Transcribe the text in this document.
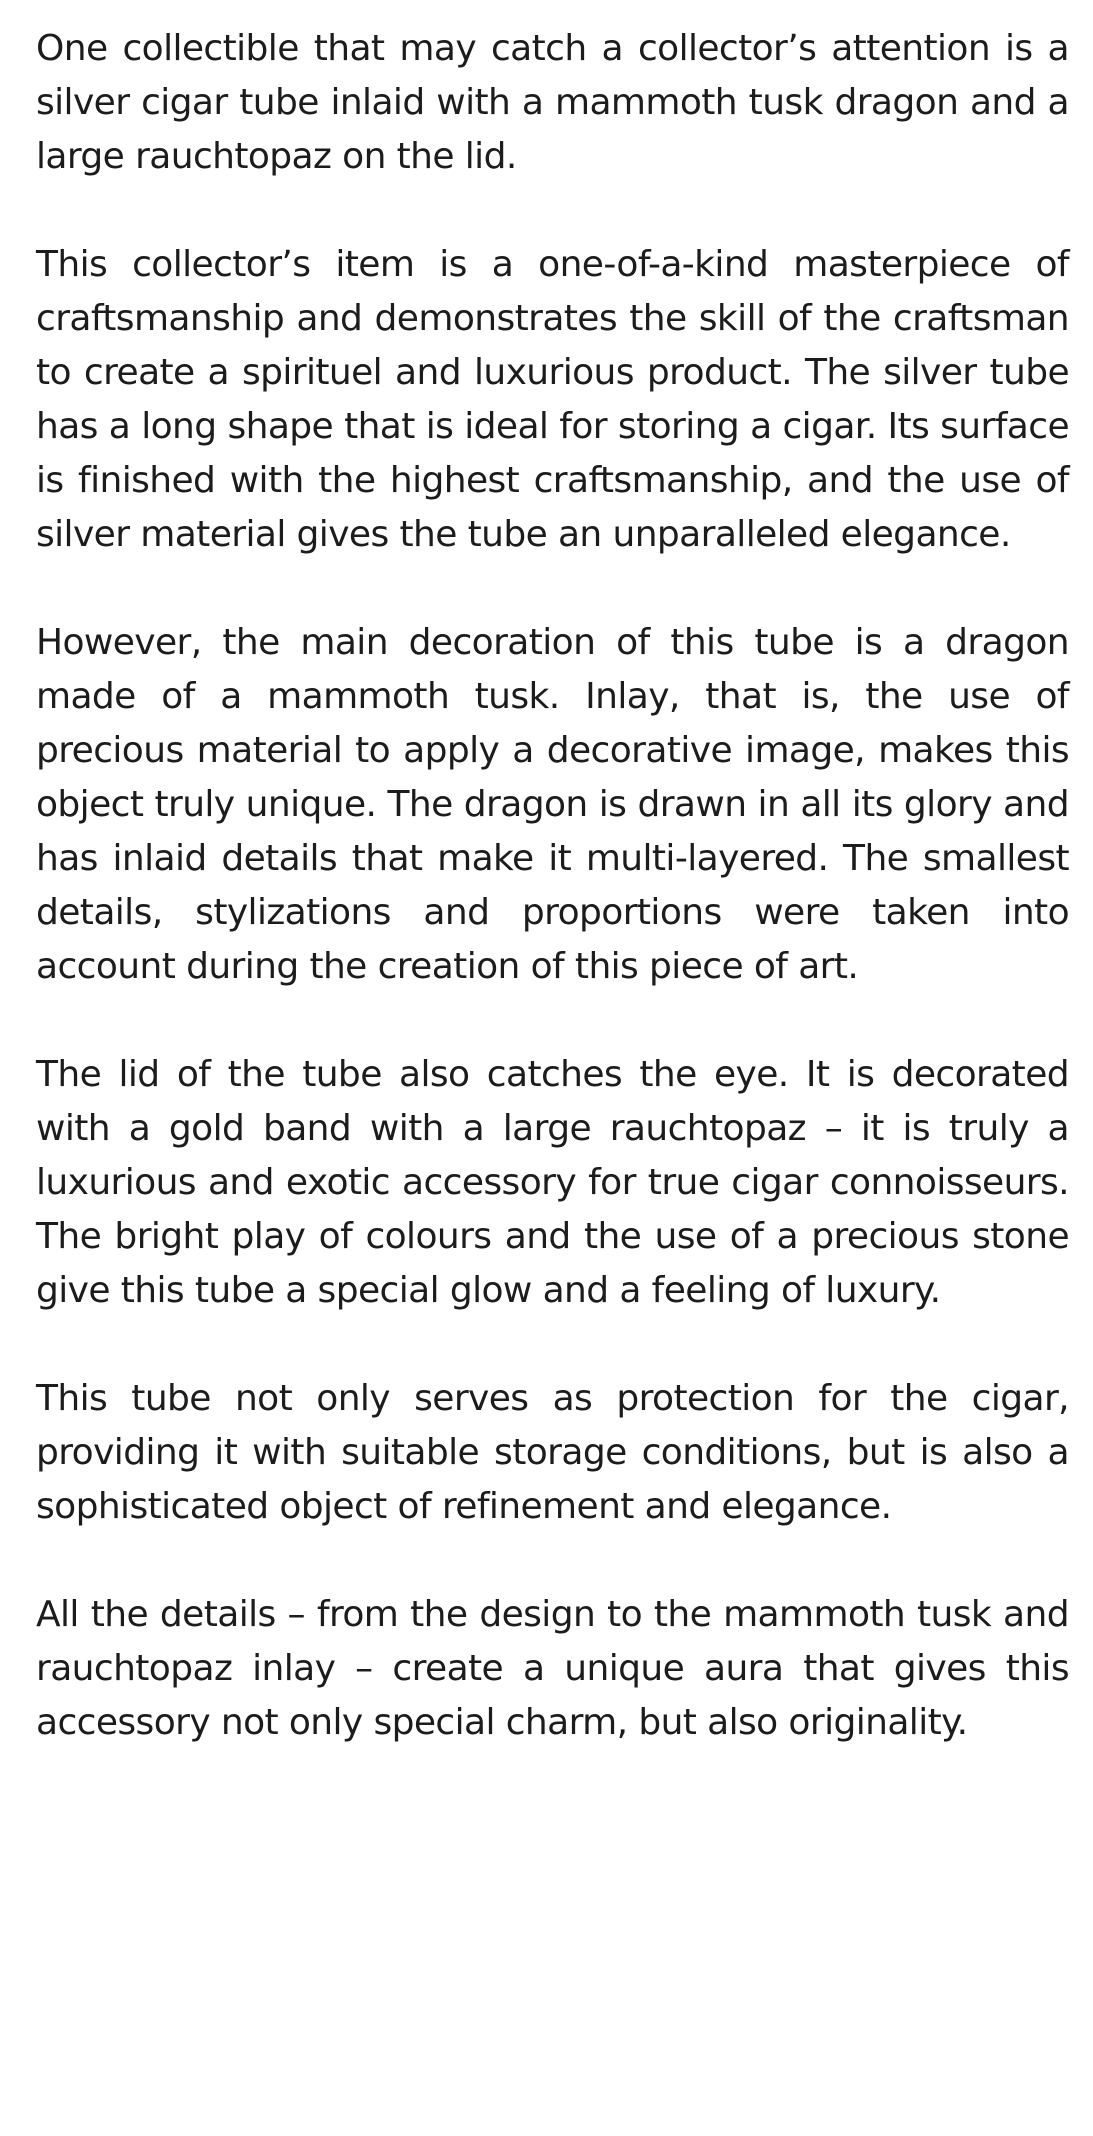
One collectible that may catch a collector’s attention is a silver cigar tube inlaid with a mammoth tusk dragon and a large rauchtopaz on the lid.

This collector’s item is a one-of-a-kind masterpiece of craftsmanship and demonstrates the skill of the craftsman to create a spirituel and luxurious product. The silver tube has a long shape that is ideal for storing a cigar. Its surface is finished with the highest craftsmanship, and the use of silver material gives the tube an unparalleled elegance.

However, the main decoration of this tube is a dragon made of a mammoth tusk. Inlay, that is, the use of precious material to apply a decorative image, makes this object truly unique. The dragon is drawn in all its glory and has inlaid details that make it multi-layered. The smallest details, stylizations and proportions were taken into account during the creation of this piece of art.

The lid of the tube also catches the eye. It is decorated with a gold band with a large rauchtopaz – it is truly a luxurious and exotic accessory for true cigar connoisseurs. The bright play of colours and the use of a precious stone give this tube a special glow and a feeling of luxury.

This tube not only serves as protection for the cigar, providing it with suitable storage conditions, but is also a sophisticated object of refinement and elegance.

All the details – from the design to the mammoth tusk and rauchtopaz inlay – create a unique aura that gives this accessory not only special charm, but also originality.
